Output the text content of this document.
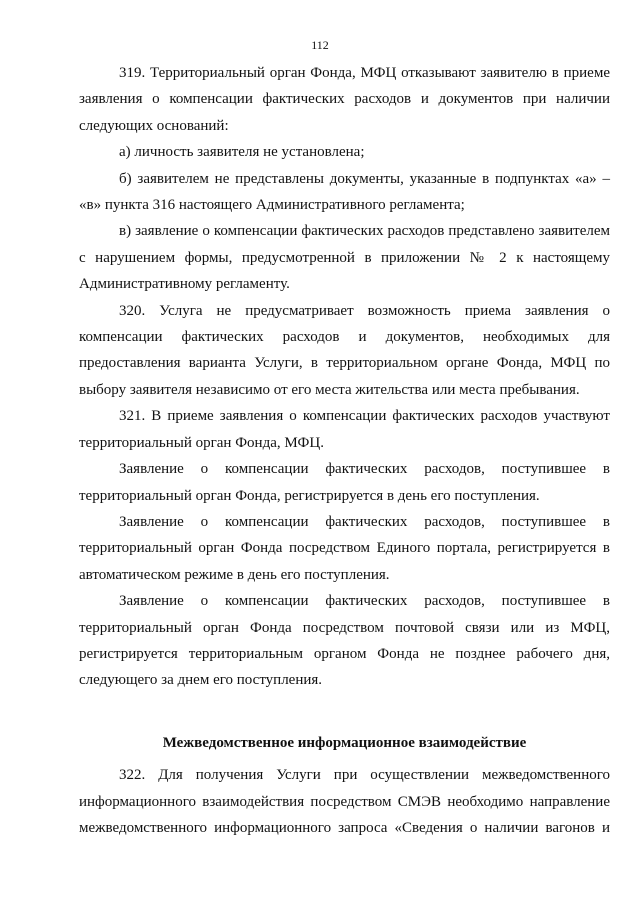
112

319. Территориальный орган Фонда, МФЦ отказывают заявителю в приеме заявления о компенсации фактических расходов и документов при наличии следующих оснований:

а) личность заявителя не установлена;

б) заявителем не представлены документы, указанные в подпунктах «а» – «в» пункта 316 настоящего Административного регламента;

в) заявление о компенсации фактических расходов представлено заявителем с нарушением формы, предусмотренной в приложении № 2 к настоящему Административному регламенту.

320. Услуга не предусматривает возможность приема заявления о компенсации фактических расходов и документов, необходимых для предоставления варианта Услуги, в территориальном органе Фонда, МФЦ по выбору заявителя независимо от его места жительства или места пребывания.

321. В приеме заявления о компенсации фактических расходов участвуют территориальный орган Фонда, МФЦ.

Заявление о компенсации фактических расходов, поступившее в территориальный орган Фонда, регистрируется в день его поступления.

Заявление о компенсации фактических расходов, поступившее в территориальный орган Фонда посредством Единого портала, регистрируется в автоматическом режиме в день его поступления.

Заявление о компенсации фактических расходов, поступившее в территориальный орган Фонда посредством почтовой связи или из МФЦ, регистрируется территориальным органом Фонда не позднее рабочего дня, следующего за днем его поступления.

Межведомственное информационное взаимодействие

322. Для получения Услуги при осуществлении межведомственного информационного взаимодействия посредством СМЭВ необходимо направление межведомственного информационного запроса «Сведения о наличии вагонов и
